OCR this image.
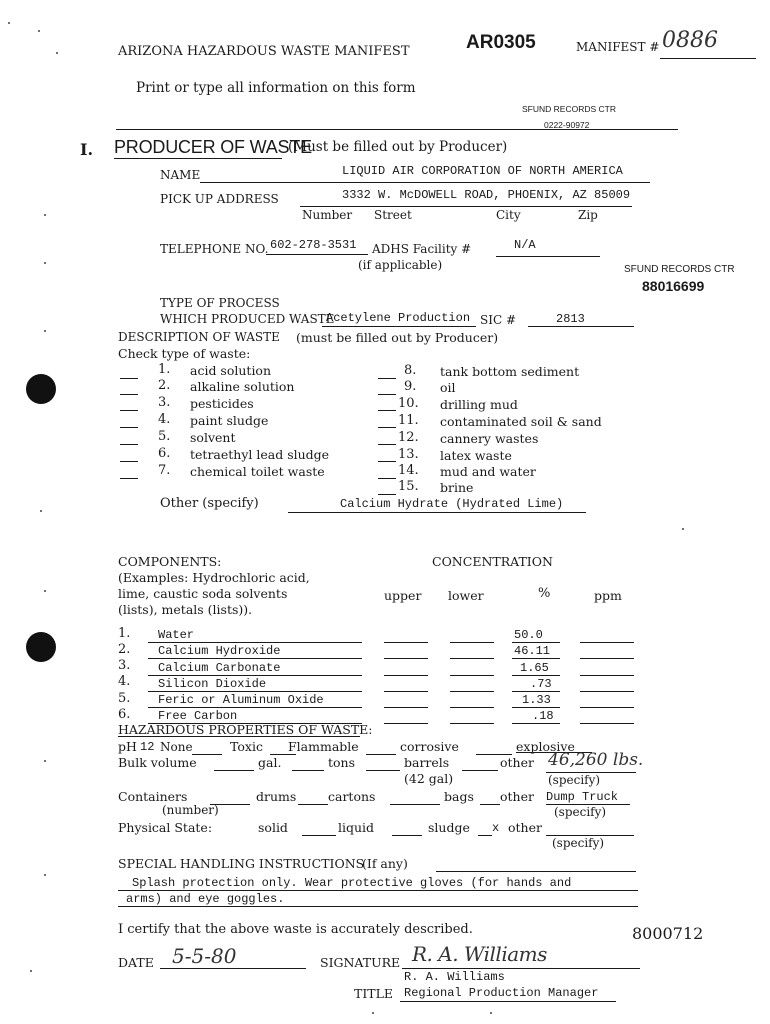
ARIZONA HAZARDOUS WASTE MANIFEST	AR0305	MANIFEST # 0886
Print or type all information on this form
SFUND RECORDS CTR
0222-90972
I. PRODUCER OF WASTE
(Must be filled out by Producer)
NAME	LIQUID AIR CORPORATION OF NORTH AMERICA
PICK UP ADDRESS	3332 W. McDOWELL ROAD, PHOENIX, AZ 85009
Number Street	City	Zip
TELEPHONE NO. 602-278-3531 ADHS Facility #	N/A
(if applicable)	SFUND RECORDS CTR
88016699
TYPE OF PROCESS
WHICH PRODUCED WASTE
Acetylene Production SIC #	2813
DESCRIPTION OF WASTE (must be filled out by Producer)
Check type of waste:
1. acid solution
2. alkaline solution
3. pesticides
4. paint sludge
5. solvent
6. tetraethyl lead sludge
7. chemical toilet waste
8. tank bottom sediment
9. oil
10. drilling mud
11. contaminated soil & sand
12. cannery wastes
13. latex waste
14. mud and water
15. brine
Other (specify)	Calcium Hydrate (Hydrated Lime)
COMPONENTS:
(Examples: Hydrochloric acid,
lime, caustic soda solvents
(lists), metals (lists)).
CONCENTRATION
upper lower	%	ppm
1. Water	50.0
2. Calcium Hydroxide	46.11
3. Calcium Carbonate	1.65
4. Silicon Dioxide	.73
5. Feric or Aluminum Oxide	1.33
6. Free Carbon	.18
HAZARDOUS PROPERTIES OF WASTE:
pH 12 None	Toxic Flammable	corrosive	explosive
Bulk volume	gal.	tons	barrels
(42 gal)
other 46,260 lbs.
(specify)
Containers
(number)
drums	cartons	bags other Dump Truck
(specify)
Physical State:	solid	liquid	sludge x other
(specify)
SPECIAL HANDLING INSTRUCTIONS
(If any)
Splash protection only. Wear protective gloves (for hands and
arms) and eye goggles.
I certify that the above waste is accurately described.	8000712
DATE 5-5-80	SIGNATURE R. A. Williams
R. A. Williams
TITLE Regional Production Manager
